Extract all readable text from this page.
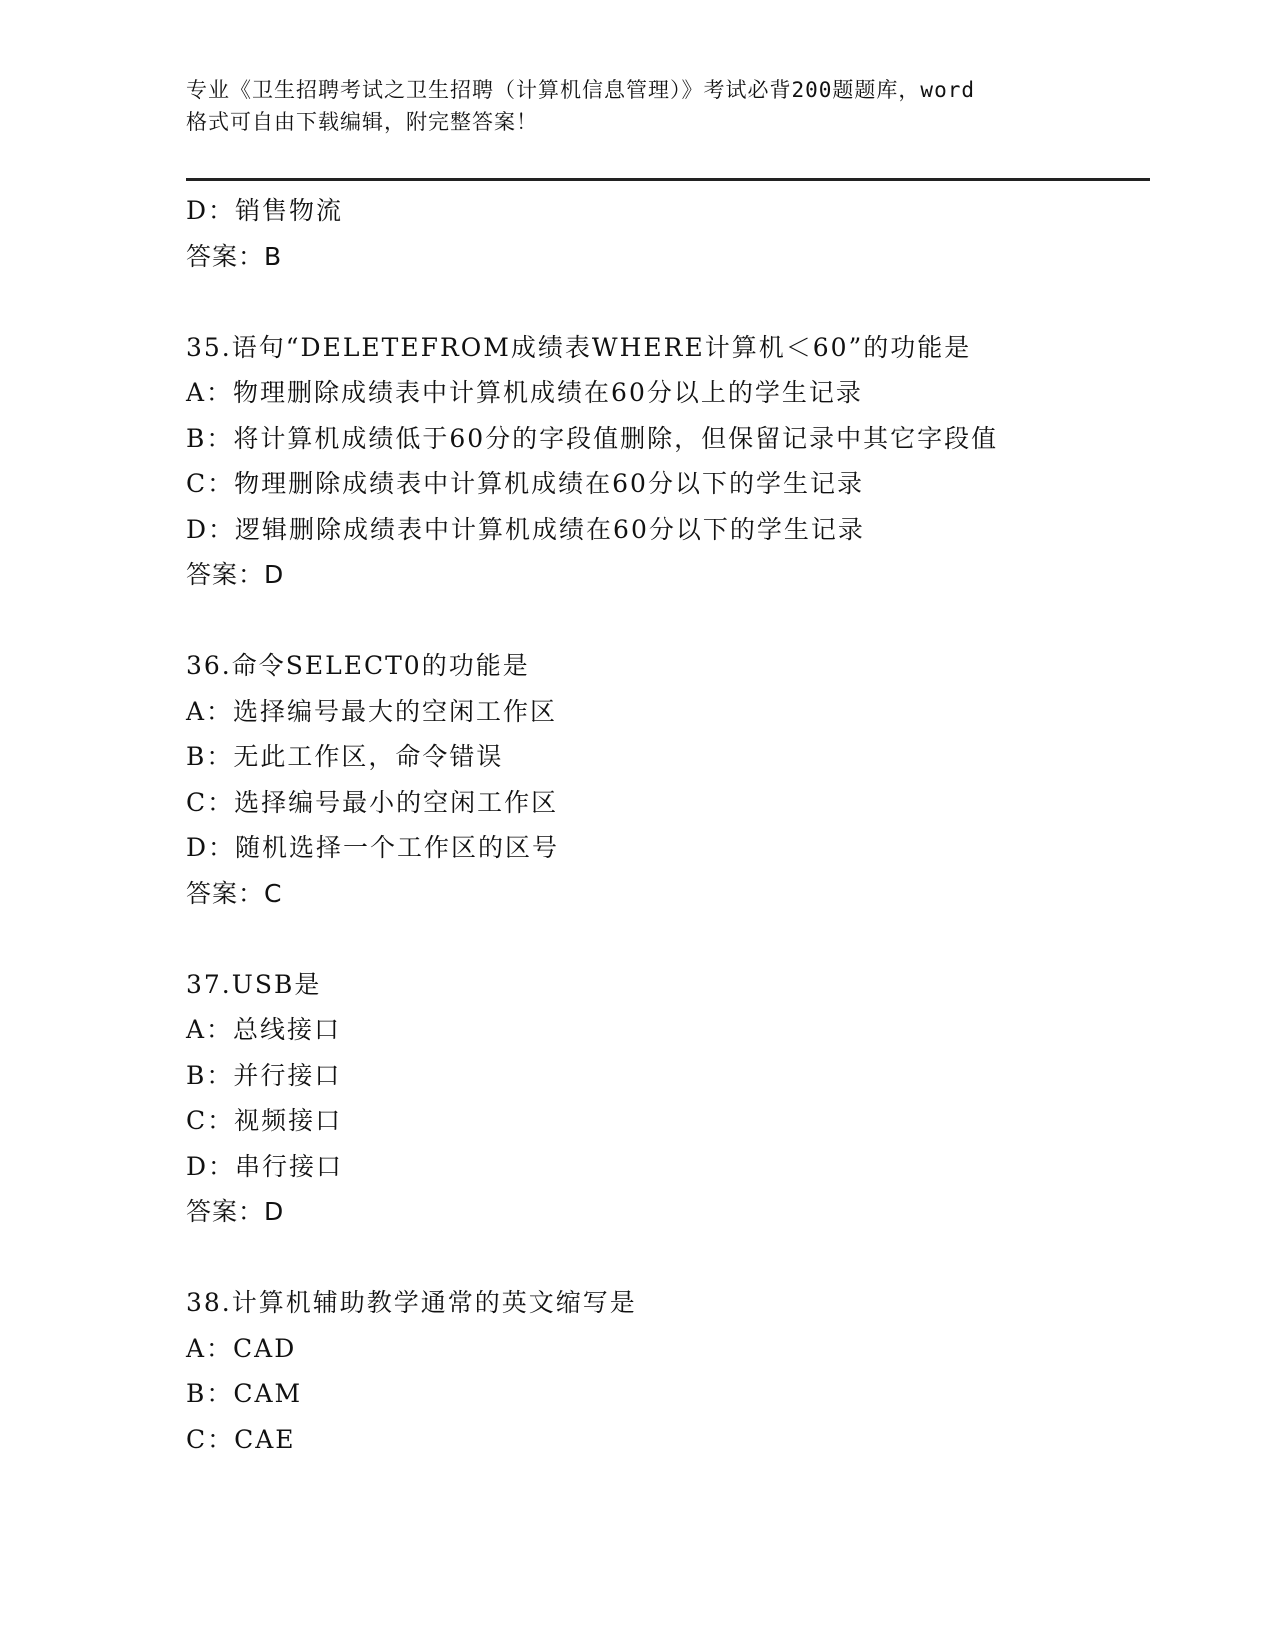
专业《卫生招聘考试之卫生招聘（计算机信息管理）》考试必背200题题库，word
格式可自由下载编辑，附完整答案！
D：销售物流
答案：B
35.语句“DELETEFROM成绩表WHERE计算机＜60”的功能是
A：物理删除成绩表中计算机成绩在60分以上的学生记录
B：将计算机成绩低于60分的字段值删除，但保留记录中其它字段值
C：物理删除成绩表中计算机成绩在60分以下的学生记录
D：逻辑删除成绩表中计算机成绩在60分以下的学生记录
答案：D
36.命令SELECT0的功能是
A：选择编号最大的空闲工作区
B：无此工作区，命令错误
C：选择编号最小的空闲工作区
D：随机选择一个工作区的区号
答案：C
37.USB是
A：总线接口
B：并行接口
C：视频接口
D：串行接口
答案：D
38.计算机辅助教学通常的英文缩写是
A：CAD
B：CAM
C：CAE
